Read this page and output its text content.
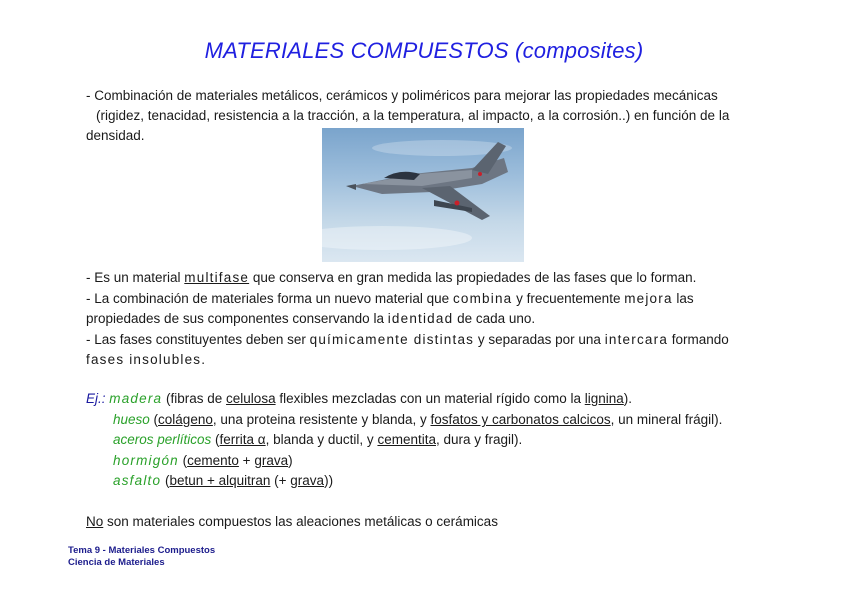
MATERIALES COMPUESTOS (composites)
- Combinación de materiales metálicos, cerámicos y poliméricos para mejorar las propiedades mecánicas
(rigidez, tenacidad, resistencia a la tracción, a la temperatura, al impacto, a la corrosión..) en función de la
densidad.
- Es un material multifase que conserva en gran medida las propiedades de las fases que lo forman.
- La combinación de materiales forma un nuevo material que combina y frecuentemente mejora las
propiedades de sus componentes conservando la identidad de cada uno.
- Las fases constituyentes deben ser químicamente distintas y separadas por una intercara formando
fases insolubles.
Ej.: madera (fibras de celulosa flexibles mezcladas con un material rígido como la lignina).
hueso (colágeno, una proteina resistente y blanda, y fosfatos y carbonatos calcicos, un mineral frágil).
aceros perlíticos (ferrita α, blanda y ductil, y cementita, dura y fragil).
hormigón (cemento + grava)
asfalto (betun + alquitran (+ grava))
No son materiales compuestos las aleaciones metálicas o cerámicas
Tema 9 - Materiales Compuestos
Ciencia de Materiales
